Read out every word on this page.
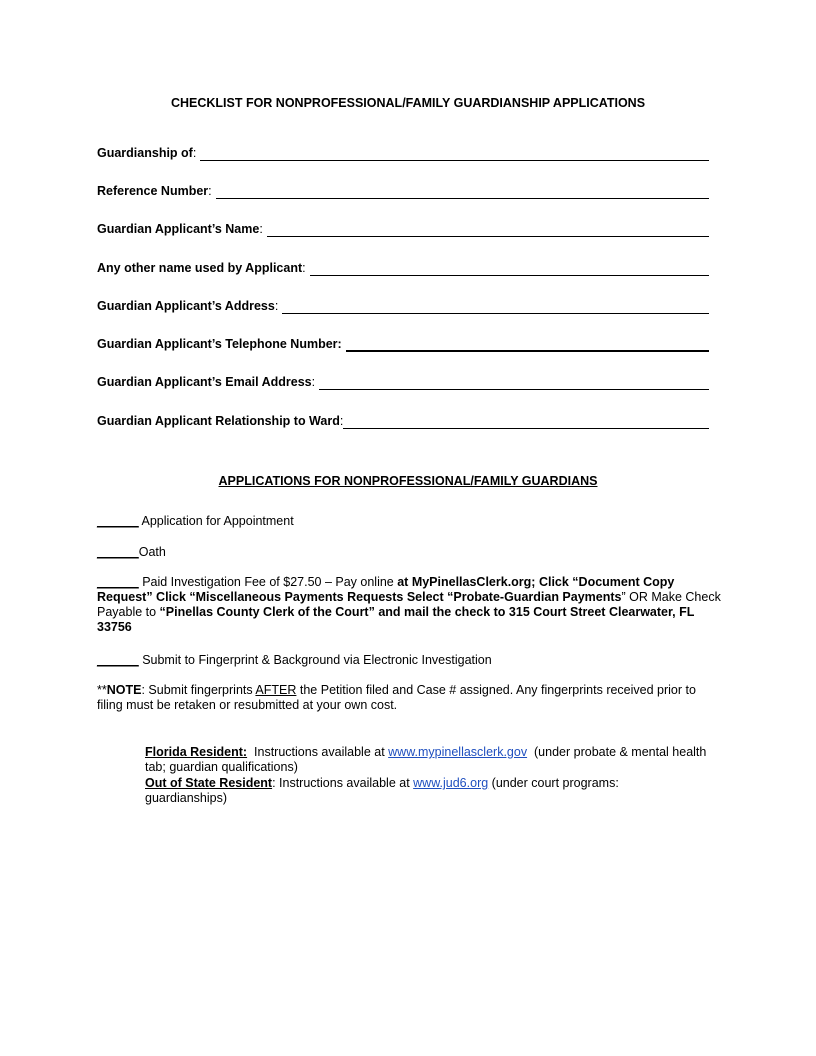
CHECKLIST FOR NONPROFESSIONAL/FAMILY GUARDIANSHIP APPLICATIONS
Guardianship of:
Reference Number:
Guardian Applicant’s Name:
Any other name used by Applicant:
Guardian Applicant’s Address:
Guardian Applicant’s Telephone Number:
Guardian Applicant’s Email Address:
Guardian Applicant Relationship to Ward:
APPLICATIONS FOR NONPROFESSIONAL/FAMILY GUARDIANS
______ Application for Appointment
______Oath
______ Paid Investigation Fee of $27.50 – Pay online at MyPinellasClerk.org; Click “Document Copy Request” Click “Miscellaneous Payments Requests Select “Probate-Guardian Payments” OR Make Check Payable to “Pinellas County Clerk of the Court” and mail the check to 315 Court Street Clearwater, FL 33756
______ Submit to Fingerprint & Background via Electronic Investigation
**NOTE: Submit fingerprints AFTER the Petition filed and Case # assigned. Any fingerprints received prior to filing must be retaken or resubmitted at your own cost.
Florida Resident:  Instructions available at www.mypinellasclerk.gov  (under probate & mental health tab; guardian qualifications)
Out of State Resident: Instructions available at www.jud6.org (under court programs: guardianships)
